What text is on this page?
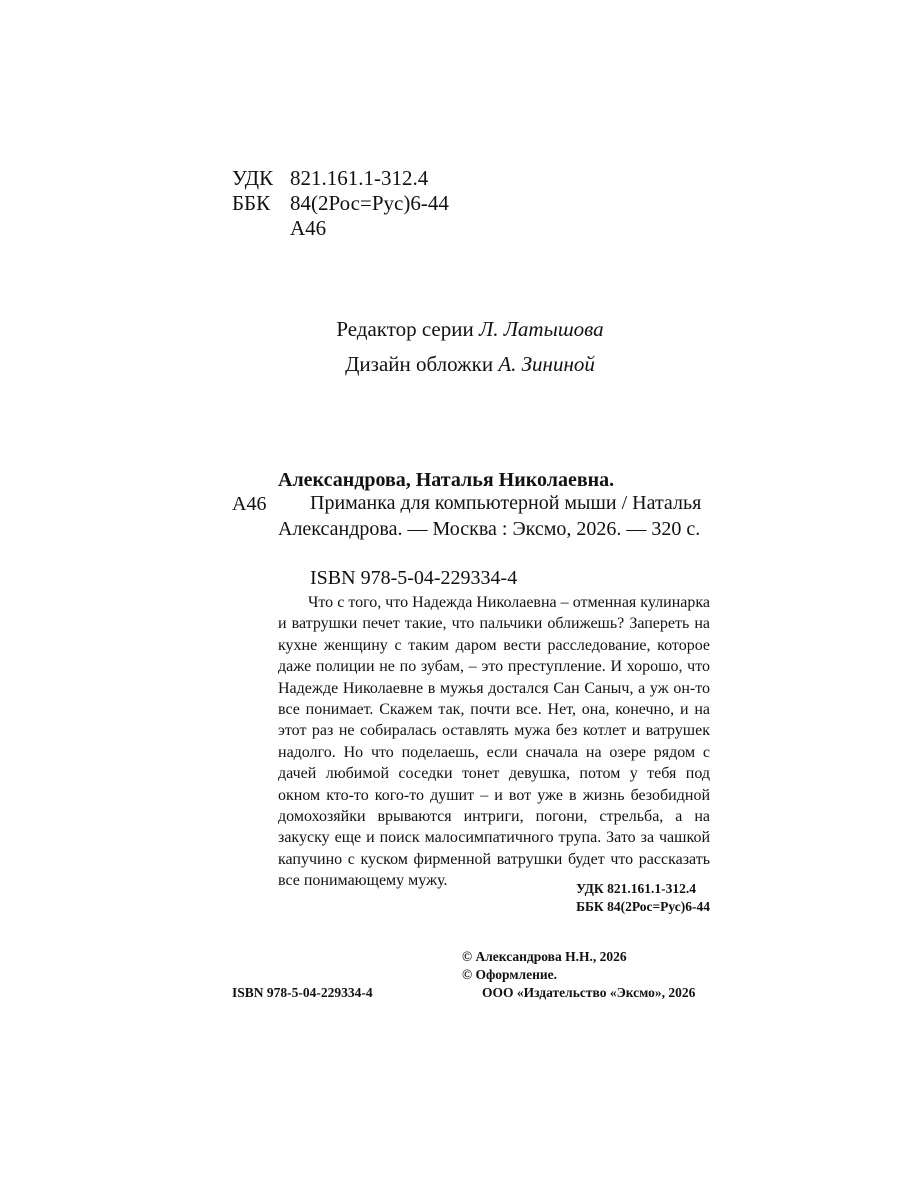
УДК 821.161.1-312.4
ББК 84(2Рос=Рус)6-44
А46
Редактор серии Л. Латышова
Дизайн обложки А. Зининой
Александрова, Наталья Николаевна.
А46	Приманка для компьютерной мыши / Наталья Александрова. — Москва : Эксмо, 2026. — 320 с.
ISBN 978-5-04-229334-4

Что с того, что Надежда Николаевна – отменная кулинарка и ватрушки печет такие, что пальчики оближешь? Запереть на кухне женщину с таким даром вести расследование, которое даже полиции не по зубам, – это преступление. И хорошо, что Надежде Николаевне в мужья достался Сан Саныч, а уж он-то все понимает. Скажем так, почти все. Нет, она, конечно, и на этот раз не собиралась оставлять мужа без котлет и ватрушек надолго. Но что поделаешь, если сначала на озере рядом с дачей любимой соседки тонет девушка, потом у тебя под окном кто-то кого-то душит – и вот уже в жизнь безобидной домохозяйки врываются интриги, погони, стрельба, а на закуску еще и поиск малосимпатичного трупа. Зато за чашкой капучино с куском фирменной ватрушки будет что рассказать все понимающему мужу.	УДК 821.161.1-312.4
ББК 84(2Рос=Рус)6-44
© Александрова Н.Н., 2026
© Оформление.
ООО «Издательство «Эксмо», 2026
ISBN 978-5-04-229334-4
